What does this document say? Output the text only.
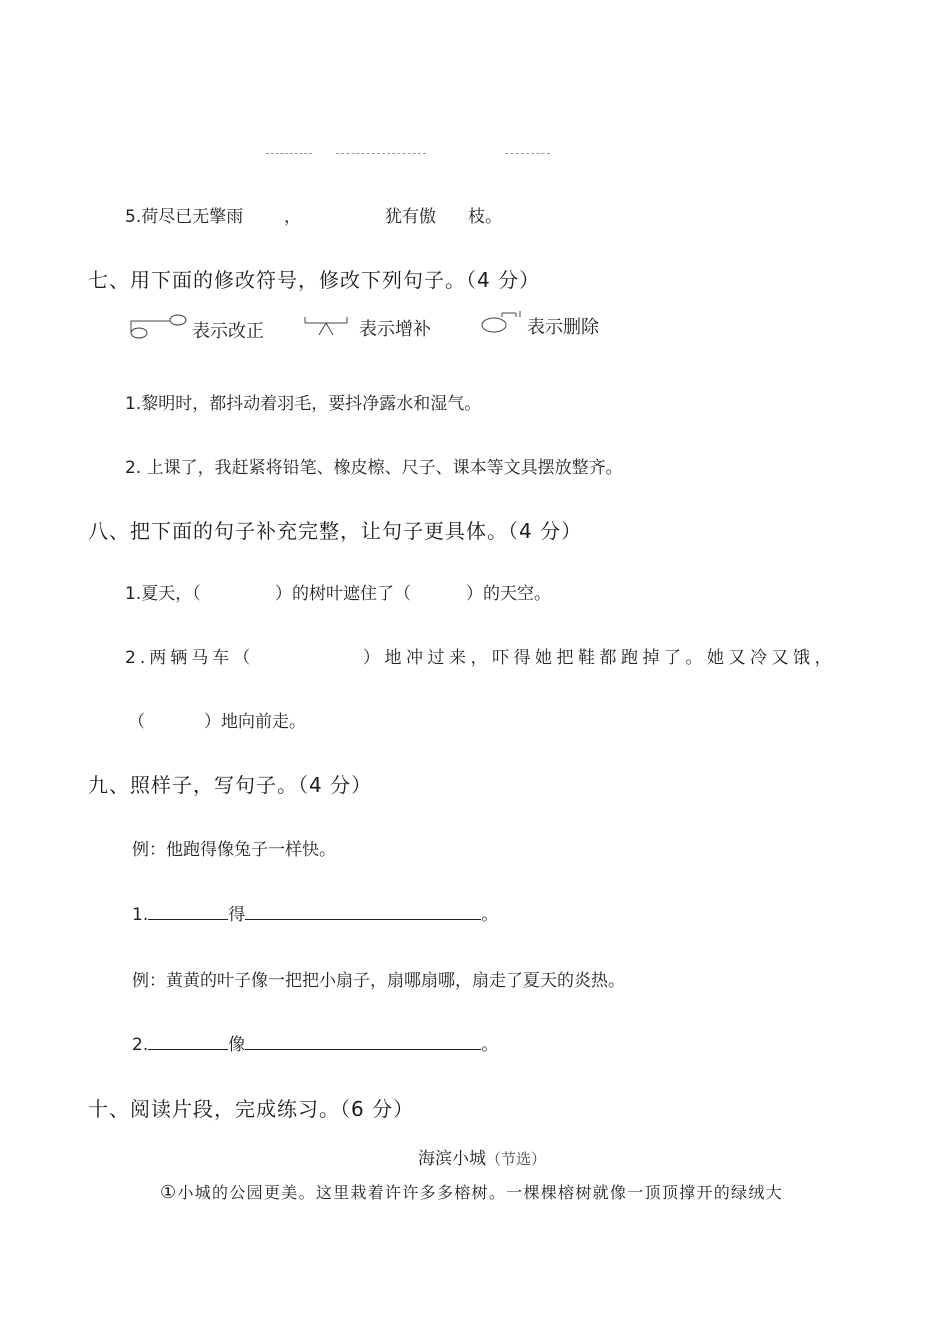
5.荷尽已无擎雨 ，	犹有傲 枝。
七、用下面的修改符号，修改下列句子。（4 分）
表示改正	表示增补	表示删除
1.黎明时，都抖动着羽毛，要抖净露水和湿气。
2. 上课了，我赶紧将铅笔、橡皮檫、尺子、课本等文具摆放整齐。
八、把下面的句子补充完整，让句子更具体。（4 分）
1.夏天，（	）的树叶遮住了（	）的天空。
2.两辆马车（	）地冲过来，吓得她把鞋都跑掉了。她又冷又饿，
（	）地向前走。
九、照样子，写句子。（4 分）
例：他跑得像兔子一样快。
1.	得	。
例：黄黄的叶子像一把把小扇子，扇哪扇哪，扇走了夏天的炎热。
2.	像	。
十、阅读片段，完成练习。（6 分）
海滨小城（节选）
①小城的公园更美。这里栽着许许多多榕树。一棵棵榕树就像一顶顶撑开的绿绒大
